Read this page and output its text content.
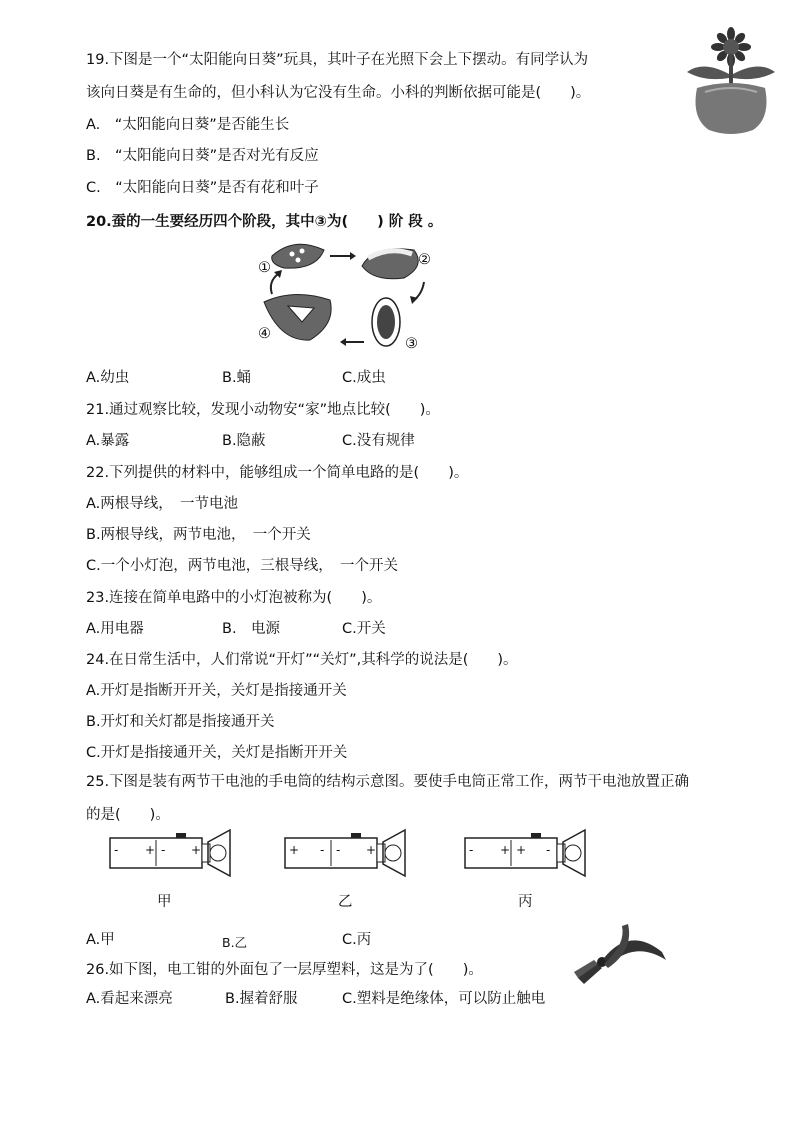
19.下图是一个“太阳能向日葵”玩具，其叶子在光照下会上下摆动。有同学认为
该向日葵是有生命的，但小科认为它没有生命。小科的判断依据可能是(　　)。
A.　“太阳能向日葵”是否能生长
B.　“太阳能向日葵”是否对光有反应
C.　“太阳能向日葵”是否有花和叶子
20.蚕的一生要经历四个阶段，其中③为(　　) 阶 段 。
①	②
③
④
A.幼虫	B.蛹	C.成虫
21.通过观察比较，发现小动物安“家”地点比较(　　)。
A.暴露	B.隐蔽	C.没有规律
22.下列提供的材料中，能够组成一个简单电路的是(　　)。
A.两根导线，　一节电池
B.两根导线，两节电池，　一个开关
C.一个小灯泡，两节电池，三根导线，　一个开关
23.连接在简单电路中的小灯泡被称为(　　)。
A.用电器	B.　电源	C.开关
24.在日常生活中，人们常说“开灯”“关灯”,其科学的说法是(　　)。
A.开灯是指断开开关，关灯是指接通开关
B.开灯和关灯都是指接通开关
C.开灯是指接通开关，关灯是指断开开关
25.下图是装有两节干电池的手电筒的结构示意图。要使手电筒正常工作，两节干电池放置正确
的是(　　)。
- + - +	+ - - +	- + + -
甲	乙	丙
A.甲	B.乙	C.丙
26.如下图，电工钳的外面包了一层厚塑料，这是为了(　　)。
A.看起来漂亮	B.握着舒服	C.塑料是绝缘体，可以防止触电
